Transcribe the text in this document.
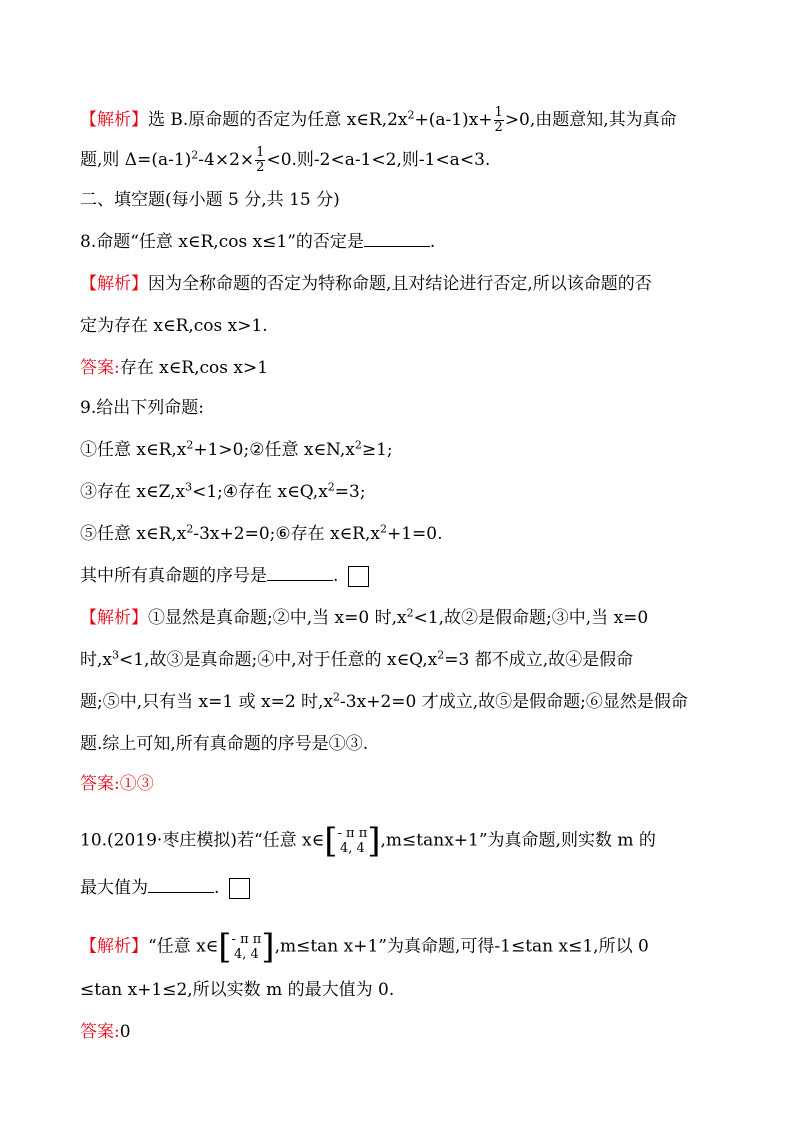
【解析】选 B.原命题的否定为任意 $x\in R,2x^2+(a-1)x+ \frac{1}{2} >0$,由题意知,其为真命
题,则 $\Delta=(a-1)^2-4\times 2\times \frac{1}{2} <0$.则-2<a-1<2,则-1<a<3.
二、填空题(每小题 5 分,共 15 分)
8.命题“任意 x∈R,cos x≤1”的否定是	.
【解析】因为全称命题的否定为特称命题,且对结论进行否定,所以该命题的否
定为存在 x∈R,cos x>1.
答案:存在 x∈R,cos x>1
9.给出下列命题:
①任意 $x\in R,x^2+1>0;②$任意 $x\in N,x^2\ge 1$;
③存在 $x\in Z,x^3<1;④$存在 $x\in Q,x^2=3$;
⑤任意 $x\in R,x^2-3x+2=0;⑥$存在 $x\in R,x^2+1=0$.
其中所有真命题的序号是	.
【解析】①显然是真命题;②中,当 x=0 时$,x^2<1$,故②是假命题;③中,当 x=0
时$,x^3<1$,故③是真命题;④中,对于任意的 $x\in Q,x^2=3$ 都不成立,故④是假命
题;⑤中,只有当 x=1 或 x=2 时$,x^2-3x+2=0$ 才成立,故⑤是假命题;⑥显然是假命
题.综上可知,所有真命题的序号是①③.
答案:①③
10.(2019·枣庄模拟)若“任意 x∈[ - π π
4, 4 ],m≤tanx+1”为真命题,则实数 m 的
最大值为	.
【解析】“任意 x∈[ - π π
4, 4 ],m≤tan x+1”为真命题,可得-1≤tan x≤1,所以 0
≤tan x+1≤2,所以实数 m 的最大值为 0.
答案:0
